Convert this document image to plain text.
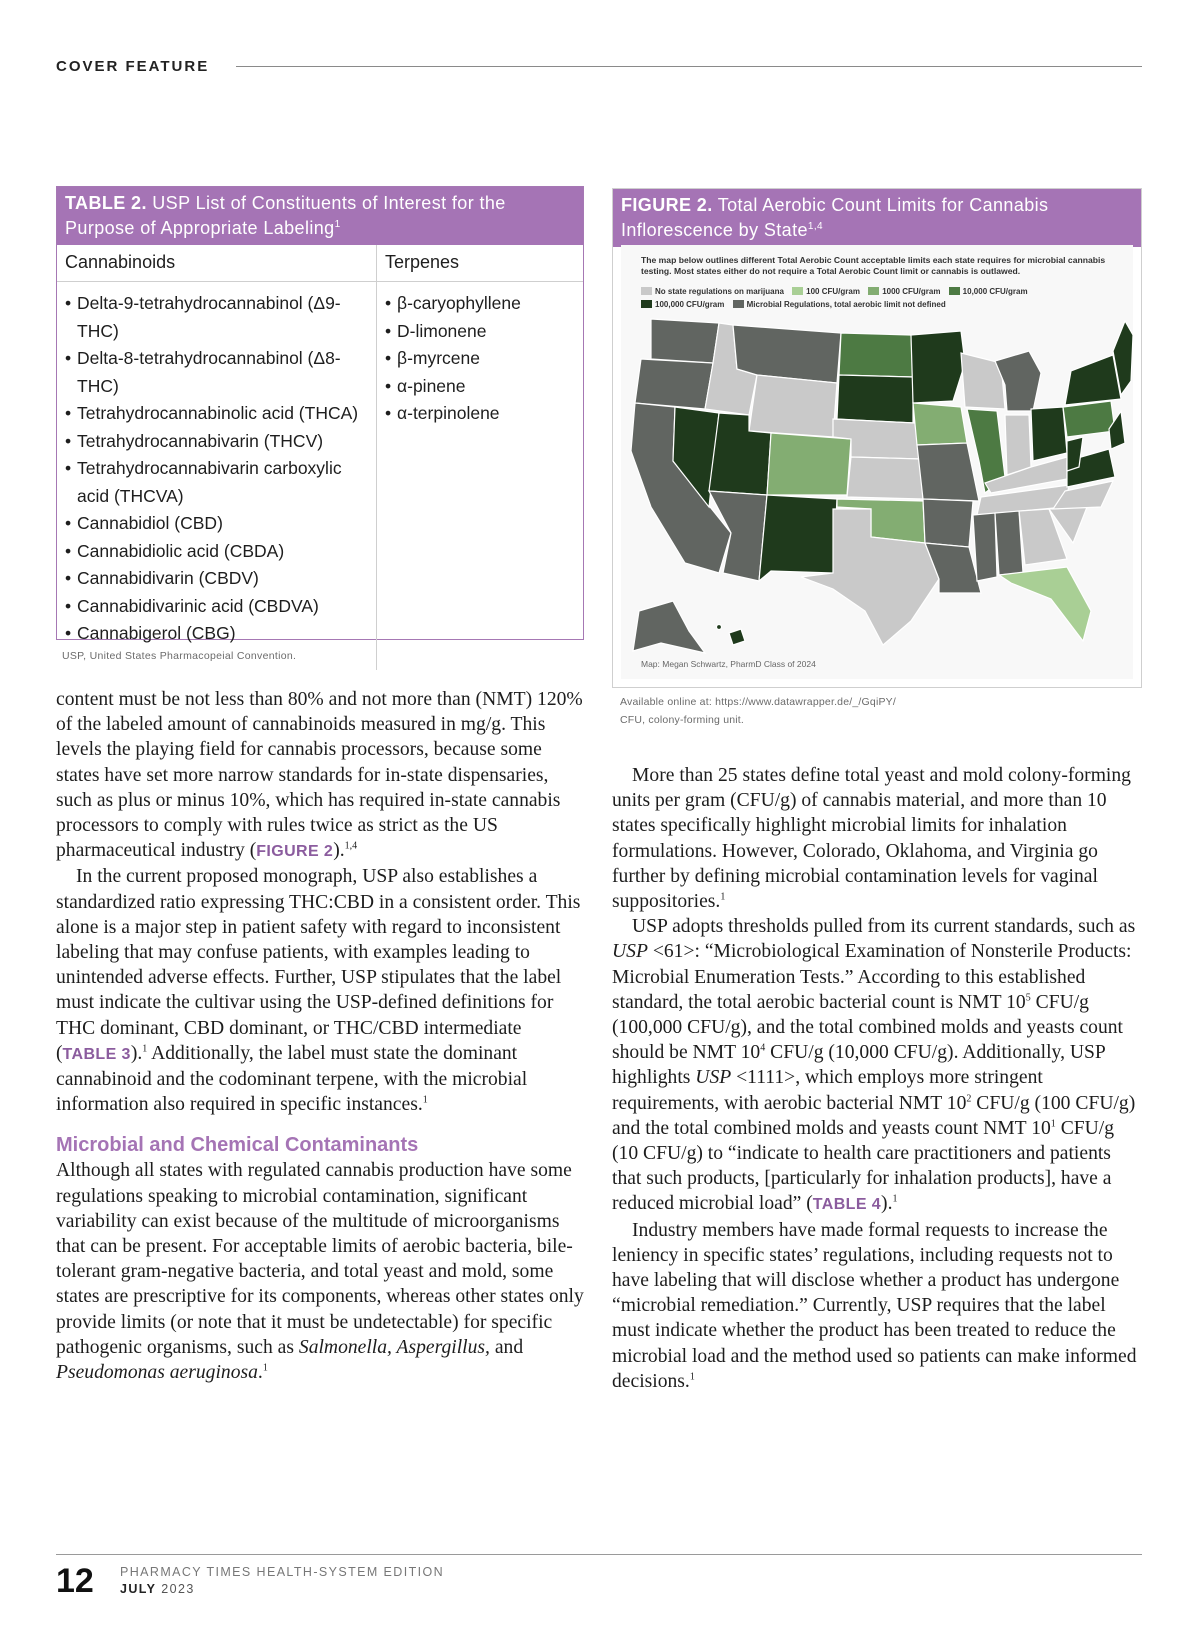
COVER FEATURE
TABLE 2. USP List of Constituents of Interest for the Purpose of Appropriate Labeling$^1$
Cannabinoids
• Delta-9-tetrahydrocannabinol (Δ9-THC)
• Delta-8-tetrahydrocannabinol (Δ8-THC)
• Tetrahydrocannabinolic acid (THCA)
• Tetrahydrocannabivarin (THCV)
• Tetrahydrocannabivarin carboxylic acid (THCVA)
• Cannabidiol (CBD)
• Cannabidiolic acid (CBDA)
• Cannabidivarin (CBDV)
• Cannabidivarinic acid (CBDVA)
• Cannabigerol (CBG)
Terpenes
• β-caryophyllene
• D-limonene
• β-myrcene
• α-pinene
• α-terpinolene
USP, United States Pharmacopeial Convention.
FIGURE 2. Total Aerobic Count Limits for Cannabis Inflorescence by State$^{1,4}$
The map below outlines different Total Aerobic Count acceptable limits each state requires for microbial cannabis testing. Most states either do not require a Total Aerobic Count limit or cannabis is outlawed.
No state regulations on marijuana	100 CFU/gram	1000 CFU/gram	10,000 CFU/gram 100,000 CFU/gram	Microbial Regulations, total aerobic limit not defined
Map: Megan Schwartz, PharmD Class of 2024
Available online at: https://www.datawrapper.de/_/GqiPY/
CFU, colony-forming unit.

content must be not less than 80% and not more than (NMT) 120% of the labeled amount of cannabinoids measured in mg/g. This levels the playing field for cannabis processors, because some states have set more narrow standards for in-state dispensaries, such as plus or minus 10%, which has required in-state cannabis processors to comply with rules twice as strict as the US pharmaceutical industry (FIGURE 2).$^{1,4}$

In the current proposed monograph, USP also establishes a standardized ratio expressing THC:CBD in a consistent order. This alone is a major step in patient safety with regard to inconsistent labeling that may confuse patients, with examples leading to unintended adverse effects. Further, USP stipulates that the label must indicate the cultivar using the USP-defined definitions for THC dominant, CBD dominant, or THC/CBD intermediate (TABLE 3).$^1$ Additionally, the label must state the dominant cannabinoid and the codominant terpene, with the microbial information also required in specific instances.$^1$

Microbial and Chemical Contaminants

Although all states with regulated cannabis production have some regulations speaking to microbial contamination, significant variability can exist because of the multitude of microorganisms that can be present. For acceptable limits of aerobic bacteria, bile-tolerant gram-negative bacteria, and total yeast and mold, some states are prescriptive for its components, whereas other states only provide limits (or note that it must be undetectable) for specific pathogenic organisms, such as Salmonella, Aspergillus, and Pseudomonas aeruginosa.$^1$

More than 25 states define total yeast and mold colony-forming units per gram (CFU/g) of cannabis material, and more than 10 states specifically highlight microbial limits for inhalation formulations. However, Colorado, Oklahoma, and Virginia go further by defining microbial contamination levels for vaginal suppositories.$^1$

USP adopts thresholds pulled from its current standards, such as USP <61>: “Microbiological Examination of Nonsterile Products: Microbial Enumeration Tests.” According to this established standard, the total aerobic bacterial count is NMT $10^5$ CFU/g (100,000 CFU/g), and the total combined molds and yeasts count should be NMT $10^4$ CFU/g (10,000 CFU/g). Additionally, USP highlights USP <1111>, which employs more stringent requirements, with aerobic bacterial NMT $10^2$ CFU/g (100 CFU/g) and the total combined molds and yeasts count NMT $10^1$ CFU/g (10 CFU/g) to “indicate to health care practitioners and patients that such products, [particularly for inhalation products], have a reduced microbial load” (TABLE 4).$^1$

Industry members have made formal requests to increase the leniency in specific states’ regulations, including requests not to have labeling that will disclose whether a product has undergone “microbial remediation.” Currently, USP requires that the label must indicate whether the product has been treated to reduce the microbial load and the method used so patients can make informed decisions.$^1$

12 PHARMACY TIMES HEALTH-SYSTEM EDITION
JULY 2023
